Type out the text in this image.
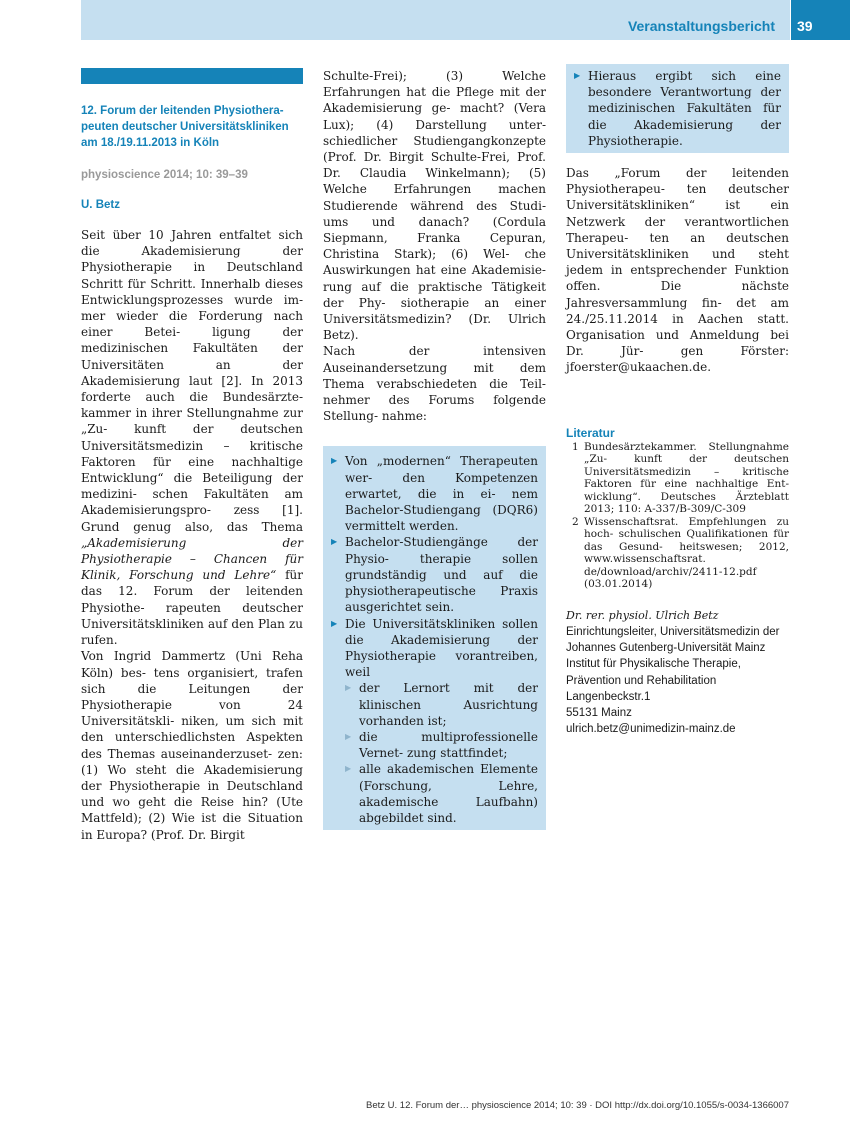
Veranstaltungsbericht	39

12. Forum der leitenden Physiothera-
peuten deutscher Universitätskliniken
am 18./19.11.2013 in Köln

physioscience 2014; 10: 39–39

U. Betz

Seit über 10 Jahren entfaltet sich die	Akademisierung der Physiotherapie in Deutschland Schritt für Schritt. Innerhalb dieses Entwicklungsprozesses wurde im- mer wieder die Forderung nach einer Betei-	ligung der medizinischen Fakultäten der Universitäten an der Akademisierung laut [2]. In 2013 forderte auch die Bundesärzte- kammer in ihrer Stellungnahme zur „Zu- kunft der deutschen Universitätsmedizin – kritische Faktoren für eine nachhaltige Entwicklung“ die Beteiligung der medizini- schen Fakultäten am Akademisierungspro- zess [1]. Grund genug also, das Thema „Akademisierung der Physiotherapie – Chancen für Klinik, Forschung und Lehre“ für das 12. Forum der leitenden Physiothe- rapeuten deutscher Universitätskliniken auf den Plan zu rufen.

Von Ingrid Dammertz (Uni Reha Köln) bes- tens organisiert, trafen sich die Leitungen	der Physiotherapie von 24 Universitätskli- niken, um sich mit den unterschiedlichsten Aspekten des Themas auseinanderzuset- zen: (1) Wo steht die Akademisierung der Physiotherapie in Deutschland und wo geht die Reise hin? (Ute Mattfeld); (2) Wie ist die Situation in Europa? (Prof. Dr. Birgit

Schulte-Frei); (3) Welche Erfahrungen hat die Pflege mit der Akademisierung ge- macht? (Vera Lux); (4) Darstellung unter- schiedlicher Studiengangkonzepte (Prof. Dr. Birgit Schulte-Frei, Prof. Dr. Claudia Winkelmann); (5) Welche Erfahrungen machen Studierende während des Studi- ums und danach? (Cordula Siepmann, Franka Cepuran, Christina Stark); (6) Wel- che Auswirkungen hat eine Akademisie- rung auf die praktische Tätigkeit der Phy- siotherapie an einer Universitätsmedizin? (Dr. Ulrich Betz).

Nach der intensiven Auseinandersetzung mit dem Thema verabschiedeten die Teil- nehmer des Forums folgende Stellung- nahme:

▶ Von „modernen“ Therapeuten wer-	den Kompetenzen erwartet, die in ei- nem Bachelor-Studiengang (DQR6) vermittelt werden.
▶ Bachelor-Studiengänge der Physio-	therapie sollen grundständig und auf die physiotherapeutische Praxis ausgerichtet sein.
▶ Die Universitätskliniken sollen die Akademisierung der Physiotherapie vorantreiben, weil
▶ der Lernort mit der klinischen	Ausrichtung vorhanden ist;
▶ die multiprofessionelle Vernet- zung stattfindet;
▶ alle akademischen Elemente (Forschung, Lehre, akademische	Laufbahn) abgebildet sind.
▶ Hieraus ergibt sich eine besondere Verantwortung der medizinischen Fakultäten für die Akademisierung der Physiotherapie.

Das „Forum der leitenden Physiotherapeu- ten deutscher Universitätskliniken“ ist ein Netzwerk der verantwortlichen Therapeu- ten an deutschen Universitätskliniken und steht jedem in entsprechender Funktion offen. Die nächste Jahresversammlung fin- det am 24./25.11.2014 in Aachen statt. Organisation und Anmeldung bei Dr. Jür-	gen Förster: jfoerster@ukaachen.de.

Literatur

1 Bundesärztekammer. Stellungnahme „Zu-	kunft der deutschen Universitätsmedizin – kritische Faktoren für eine nachhaltige Ent- wicklung“. Deutsches Ärzteblatt 2013; 110: A-337/B-309/C-309
2 Wissenschaftsrat. Empfehlungen zu hoch- schulischen Qualifikationen für das Gesund- heitswesen; 2012, www.wissenschaftsrat. de/download/archiv/2411-12.pdf (03.01.2014)

Dr. rer. physiol. Ulrich Betz

Einrichtungsleiter, Universitätsmedizin der

Johannes Gutenberg-Universität Mainz

Institut für Physikalische Therapie,

Prävention und Rehabilitation

Langenbeckstr.1

55131 Mainz

ulrich.betz@unimedizin-mainz.de

Betz U. 12. Forum der… physioscience 2014; 10: 39 · DOI http://dx.doi.org/10.1055/s-0034-1366007
